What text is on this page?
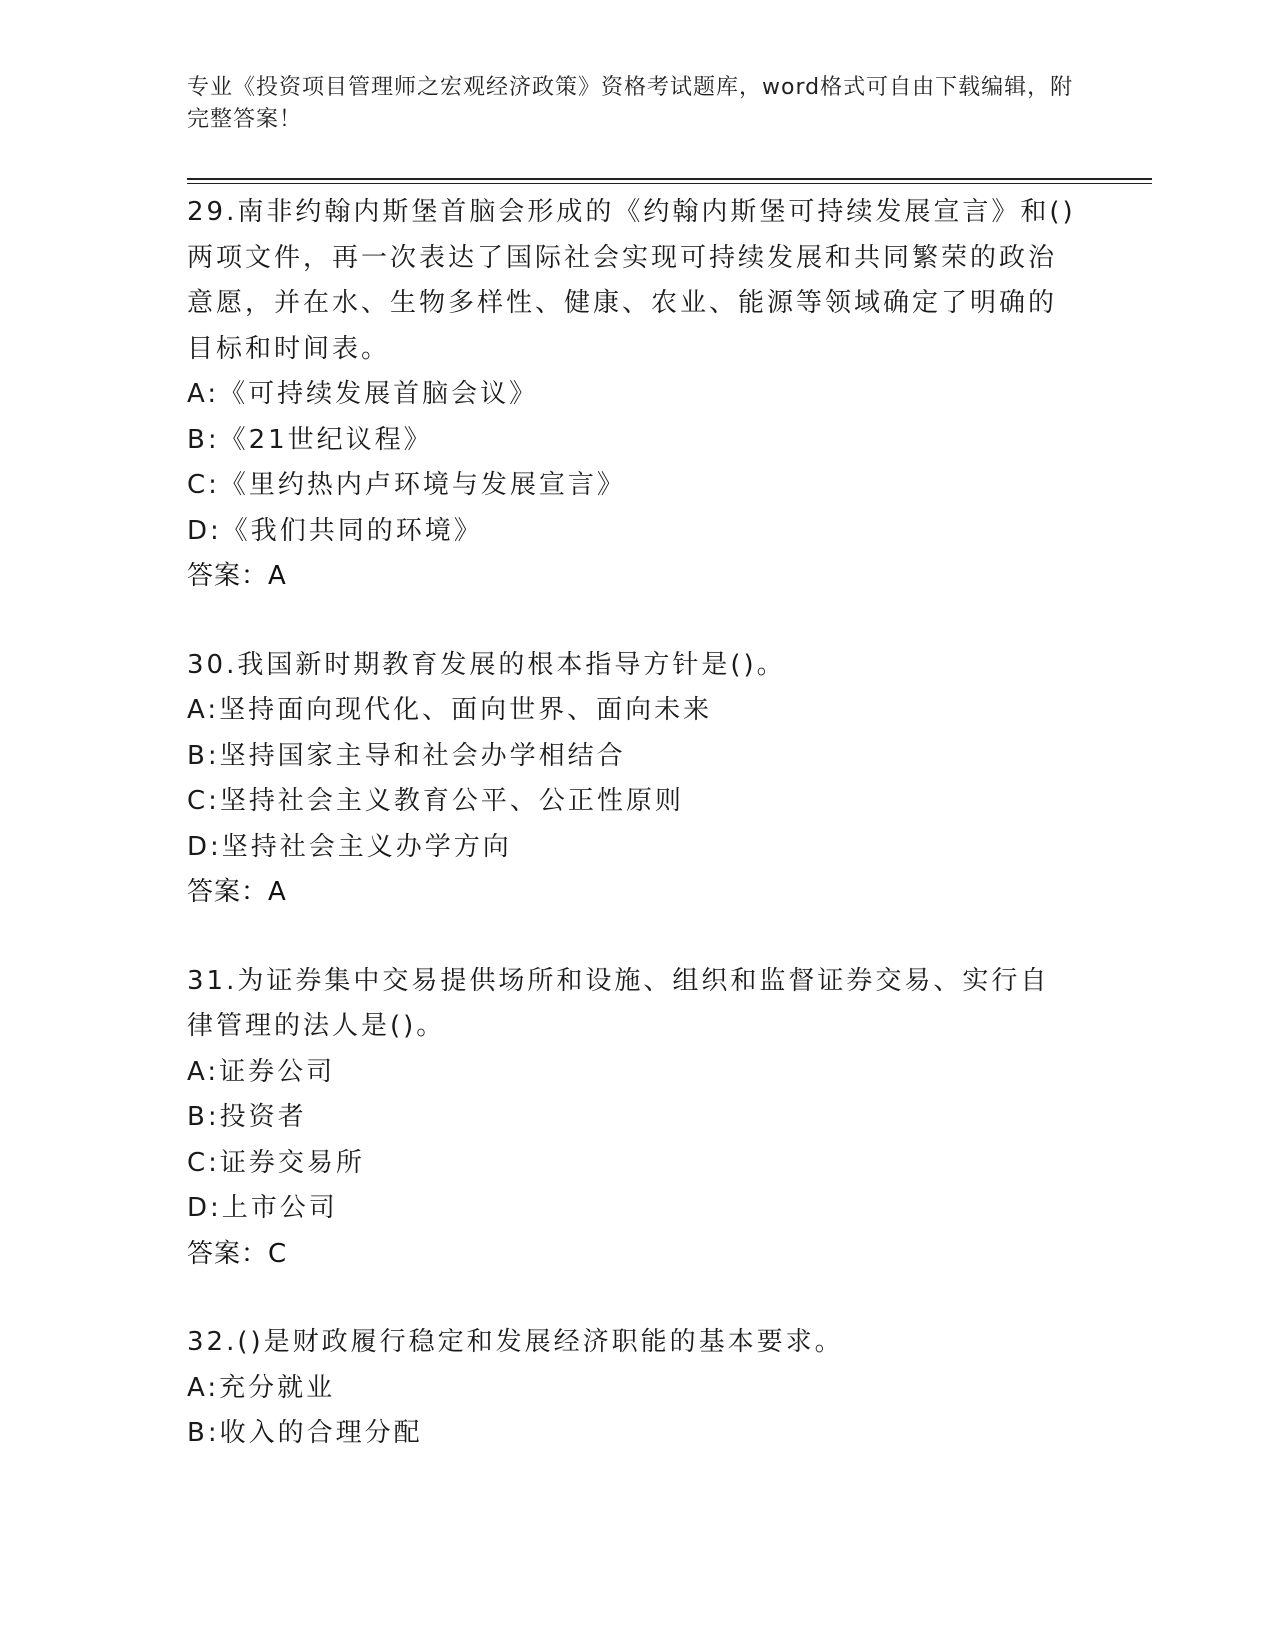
专业《投资项目管理师之宏观经济政策》资格考试题库，word格式可自由下载编辑，附完整答案！

29.南非约翰内斯堡首脑会形成的《约翰内斯堡可持续发展宣言》和()两项文件，再一次表达了国际社会实现可持续发展和共同繁荣的政治意愿，并在水、生物多样性、健康、农业、能源等领域确定了明确的目标和时间表。

A:《可持续发展首脑会议》

B:《21世纪议程》

C:《里约热内卢环境与发展宣言》

D:《我们共同的环境》

答案：A

30.我国新时期教育发展的根本指导方针是()。

A:坚持面向现代化、面向世界、面向未来

B:坚持国家主导和社会办学相结合

C:坚持社会主义教育公平、公正性原则

D:坚持社会主义办学方向

答案：A

31.为证券集中交易提供场所和设施、组织和监督证券交易、实行自律管理的法人是()。

A:证券公司

B:投资者

C:证券交易所

D:上市公司

答案：C

32.()是财政履行稳定和发展经济职能的基本要求。

A:充分就业

B:收入的合理分配
